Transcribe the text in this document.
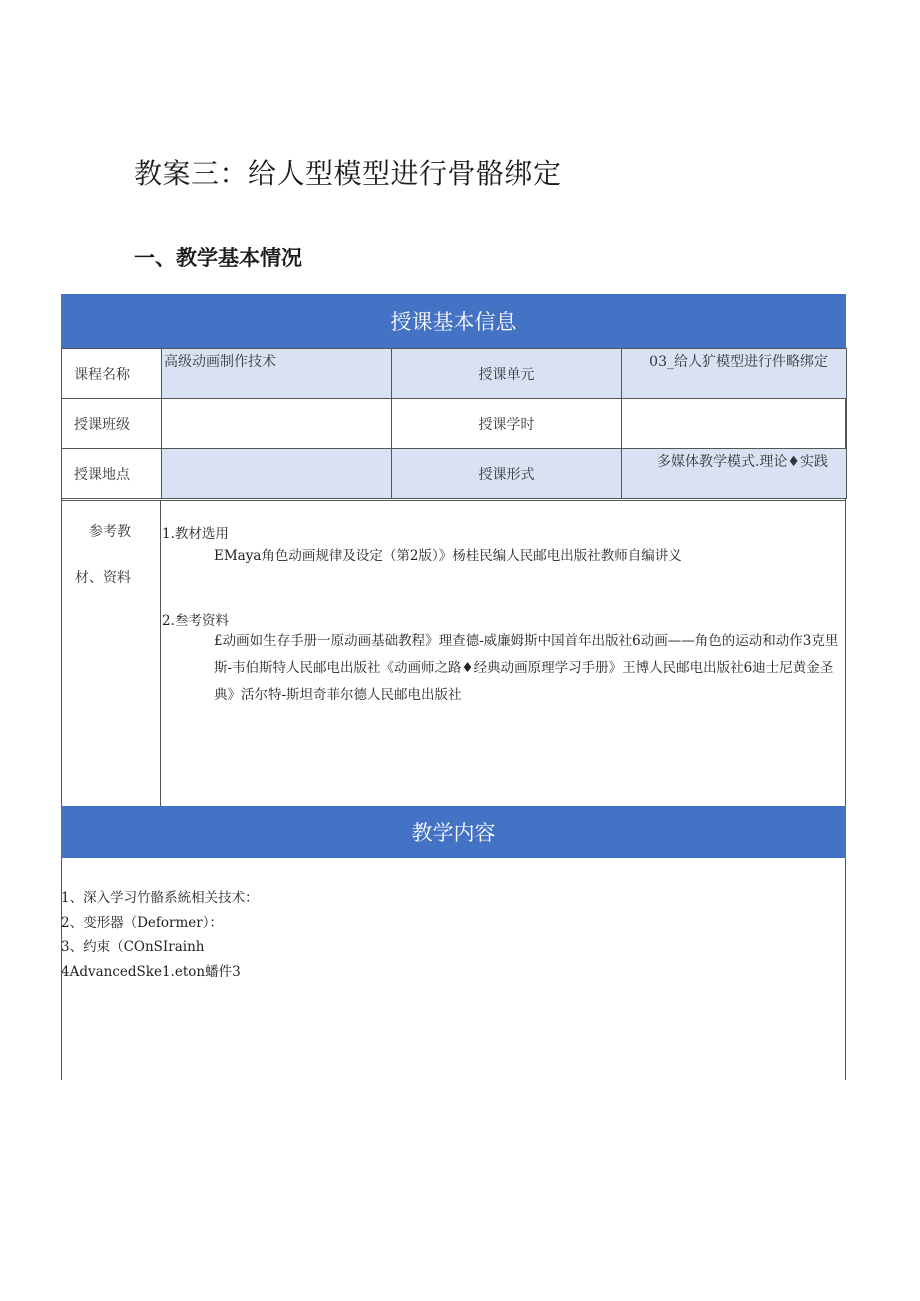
教案三：给人型模型进行骨骼绑定
一、教学基本情况
授课基本信息
课程名称	高级动画制作技术	授课单元	03_给人犷模型进行件略绑定
授课班级		授课学时	
授课地点		授课形式	多媒体教学模式.理论♦实践
参考教
材、资料
1.教材选用
EMaya角色动画规律及设定（第2版）》杨桂民编人民邮电出版社教师自编讲义
2.叁考资料
£动画如生存手册一原动画基础教程》理查德-威廉姆斯中国首年出版社6动画——角色的运动和动作3克里斯-韦伯斯特人民邮电出版社《动画师之路♦经典动画原理学习手册》王博人民邮电出版社6迪士尼黄金圣典》活尔特-斯坦奇菲尔德人民邮电出版社
教学内容
1、深入学习竹骼系統相关技术：
2、变形器（Deformer）：
3、约束（COnSIrainh
4AdvancedSke1.eton蟠件3
